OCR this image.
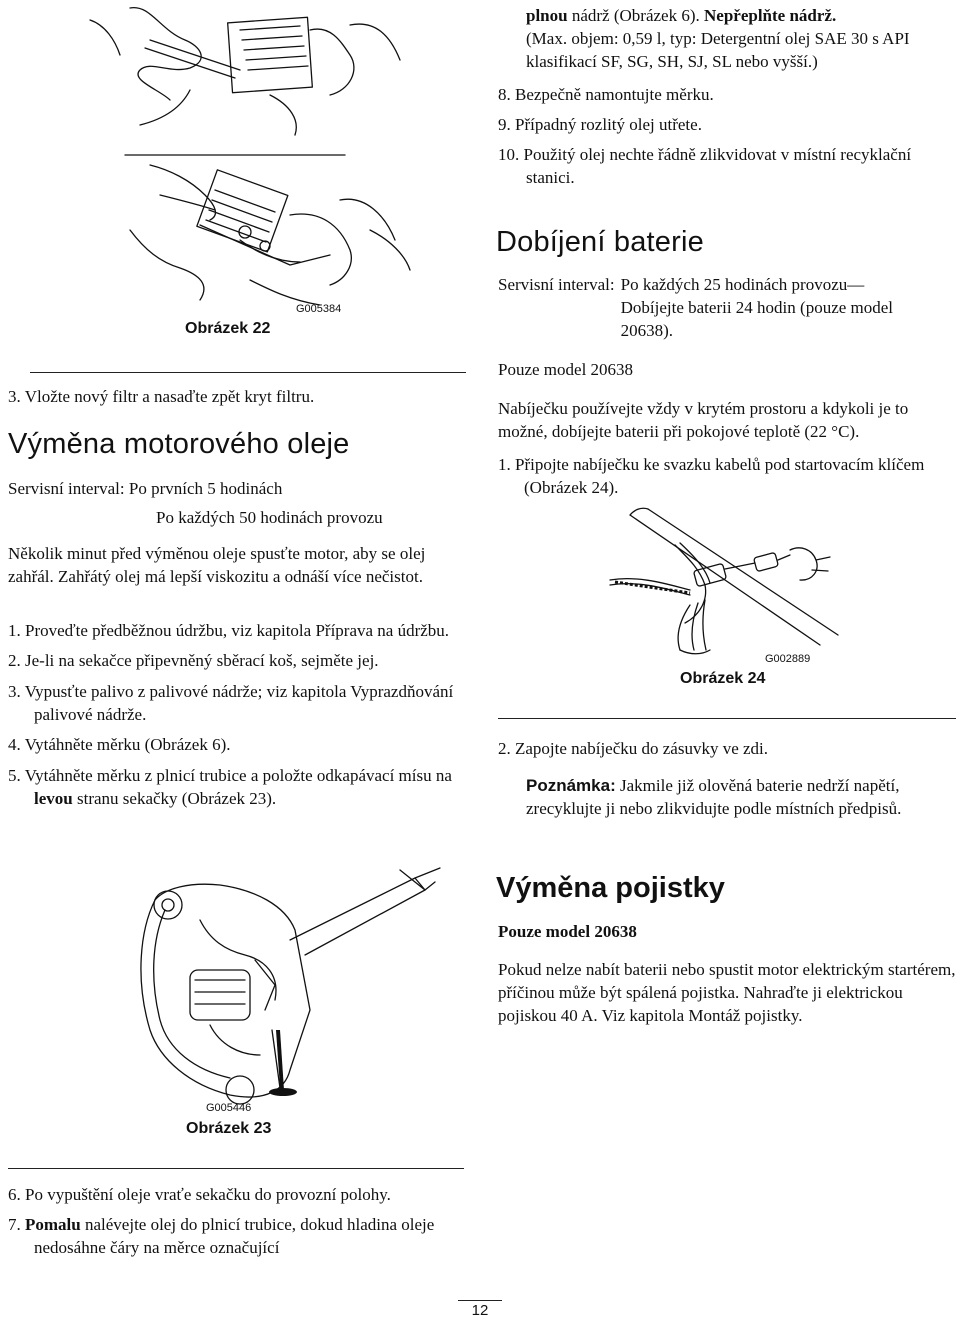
G005384
Obrázek 22
3. Vložte nový filtr a nasaďte zpět kryt filtru.
Výměna motorového oleje
Servisní interval: Po prvních 5 hodinách
Po každých 50 hodinách provozu
Několik minut před výměnou oleje spusťte motor, aby se olej zahřál. Zahřátý olej má lepší viskozitu a odnáší více nečistot.
1. Proveďte předběžnou údržbu, viz kapitola Příprava na údržbu.
2. Je-li na sekačce připevněný sběrací koš, sejměte jej.
3. Vypusťte palivo z palivové nádrže; viz kapitola Vyprazdňování palivové nádrže.
4. Vytáhněte měrku (Obrázek 6).
5. Vytáhněte měrku z plnicí trubice a položte odkapávací mísu na levou stranu sekačky (Obrázek 23).
G005446
Obrázek 23
6. Po vypuštění oleje vraťe sekačku do provozní polohy.
7. Pomalu nalévejte olej do plnicí trubice, dokud hladina oleje nedosáhne čáry na měrce označující
plnou nádrž (Obrázek 6). Nepřeplňte nádrž.
(Max. objem: 0,59 l, typ: Detergentní olej SAE 30 s API klasifikací SF, SG, SH, SJ, SL nebo vyšší.)
8. Bezpečně namontujte měrku.
9. Případný rozlitý olej utřete.
10. Použitý olej nechte řádně zlikvidovat v místní recyklační stanici.
Dobíjení baterie
Servisní interval: Po každých 25 hodinách provozu—Dobíjejte baterii 24 hodin (pouze model 20638).
Pouze model 20638
Nabíječku používejte vždy v krytém prostoru a kdykoli je to možné, dobíjejte baterii při pokojové teplotě (22 °C).
1. Připojte nabíječku ke svazku kabelů pod startovacím klíčem (Obrázek 24).
G002889
Obrázek 24
2. Zapojte nabíječku do zásuvky ve zdi.
Poznámka: Jakmile již olověná baterie nedrží napětí, zrecyklujte ji nebo zlikvidujte podle místních předpisů.
Výměna pojistky
Pouze model 20638
Pokud nelze nabít baterii nebo spustit motor elektrickým startérem, příčinou může být spálená pojistka. Nahraďte ji elektrickou pojiskou 40 A. Viz kapitola Montáž pojistky.
12
